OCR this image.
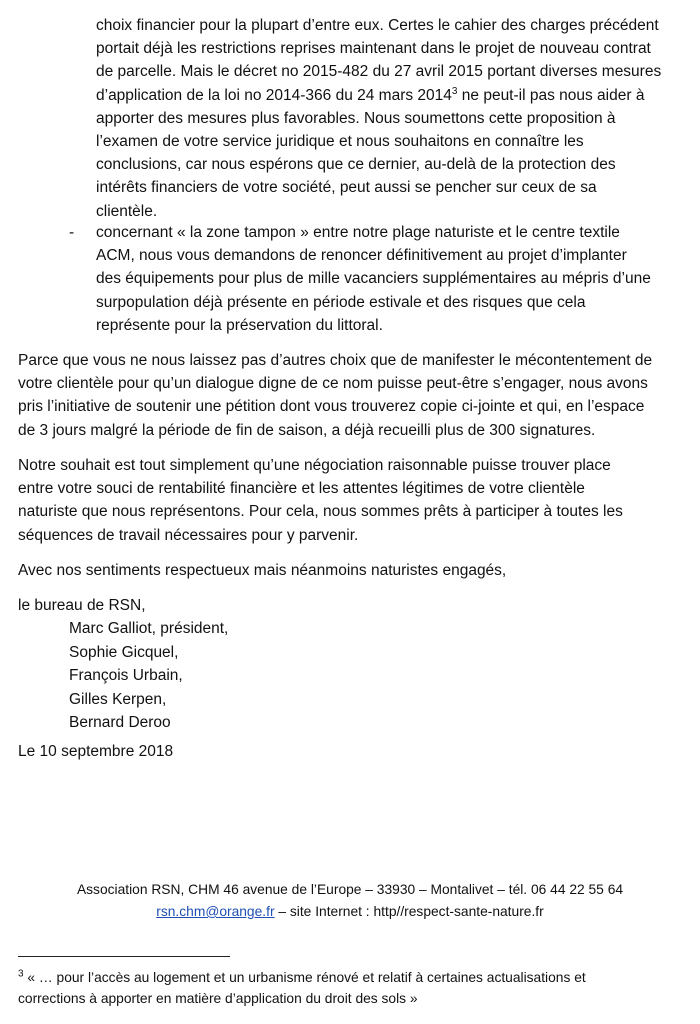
choix financier pour la plupart d’entre eux. Certes le cahier des charges précédent
portait déjà les restrictions reprises maintenant dans le projet de nouveau contrat
de parcelle. Mais le décret no 2015-482 du 27 avril 2015 portant diverses mesures
d’application de la loi no 2014-366 du 24 mars 2014$^3$ ne peut-il pas nous aider à
apporter des mesures plus favorables. Nous soumettons cette proposition à
l’examen de votre service juridique et nous souhaitons en connaître les
conclusions, car nous espérons que ce dernier, au-delà de la protection des
intérêts financiers de votre société, peut aussi se pencher sur ceux de sa
clientèle.
-	concernant « la zone tampon » entre notre plage naturiste et le centre textile
ACM, nous vous demandons de renoncer définitivement au projet d’implanter
des équipements pour plus de mille vacanciers supplémentaires au mépris d’une
surpopulation déjà présente en période estivale et des risques que cela
représente pour la préservation du littoral.
Parce que vous ne nous laissez pas d’autres choix que de manifester le mécontentement de
votre clientèle pour qu’un dialogue digne de ce nom puisse peut-être s’engager, nous avons
pris l’initiative de soutenir une pétition dont vous trouverez copie ci-jointe et qui, en l’espace
de 3 jours malgré la période de fin de saison, a déjà recueilli plus de 300 signatures.
Notre souhait est tout simplement qu’une négociation raisonnable puisse trouver place
entre votre souci de rentabilité financière et les attentes légitimes de votre clientèle
naturiste que nous représentons. Pour cela, nous sommes prêts à participer à toutes les
séquences de travail nécessaires pour y parvenir.
Avec nos sentiments respectueux mais néanmoins naturistes engagés,
le bureau de RSN,
Marc Galliot, président,
Sophie Gicquel,
François Urbain,
Gilles Kerpen,
Bernard Deroo
Le 10 septembre 2018
Association RSN, CHM 46 avenue de l’Europe – 33930 – Montalivet – tél. 06 44 22 55 64
rsn.chm@orange.fr – site Internet : http//respect-sante-nature.fr
$^3$ « … pour l’accès au logement et un urbanisme rénové et relatif à certaines actualisations et
corrections à apporter en matière d’application du droit des sols »
